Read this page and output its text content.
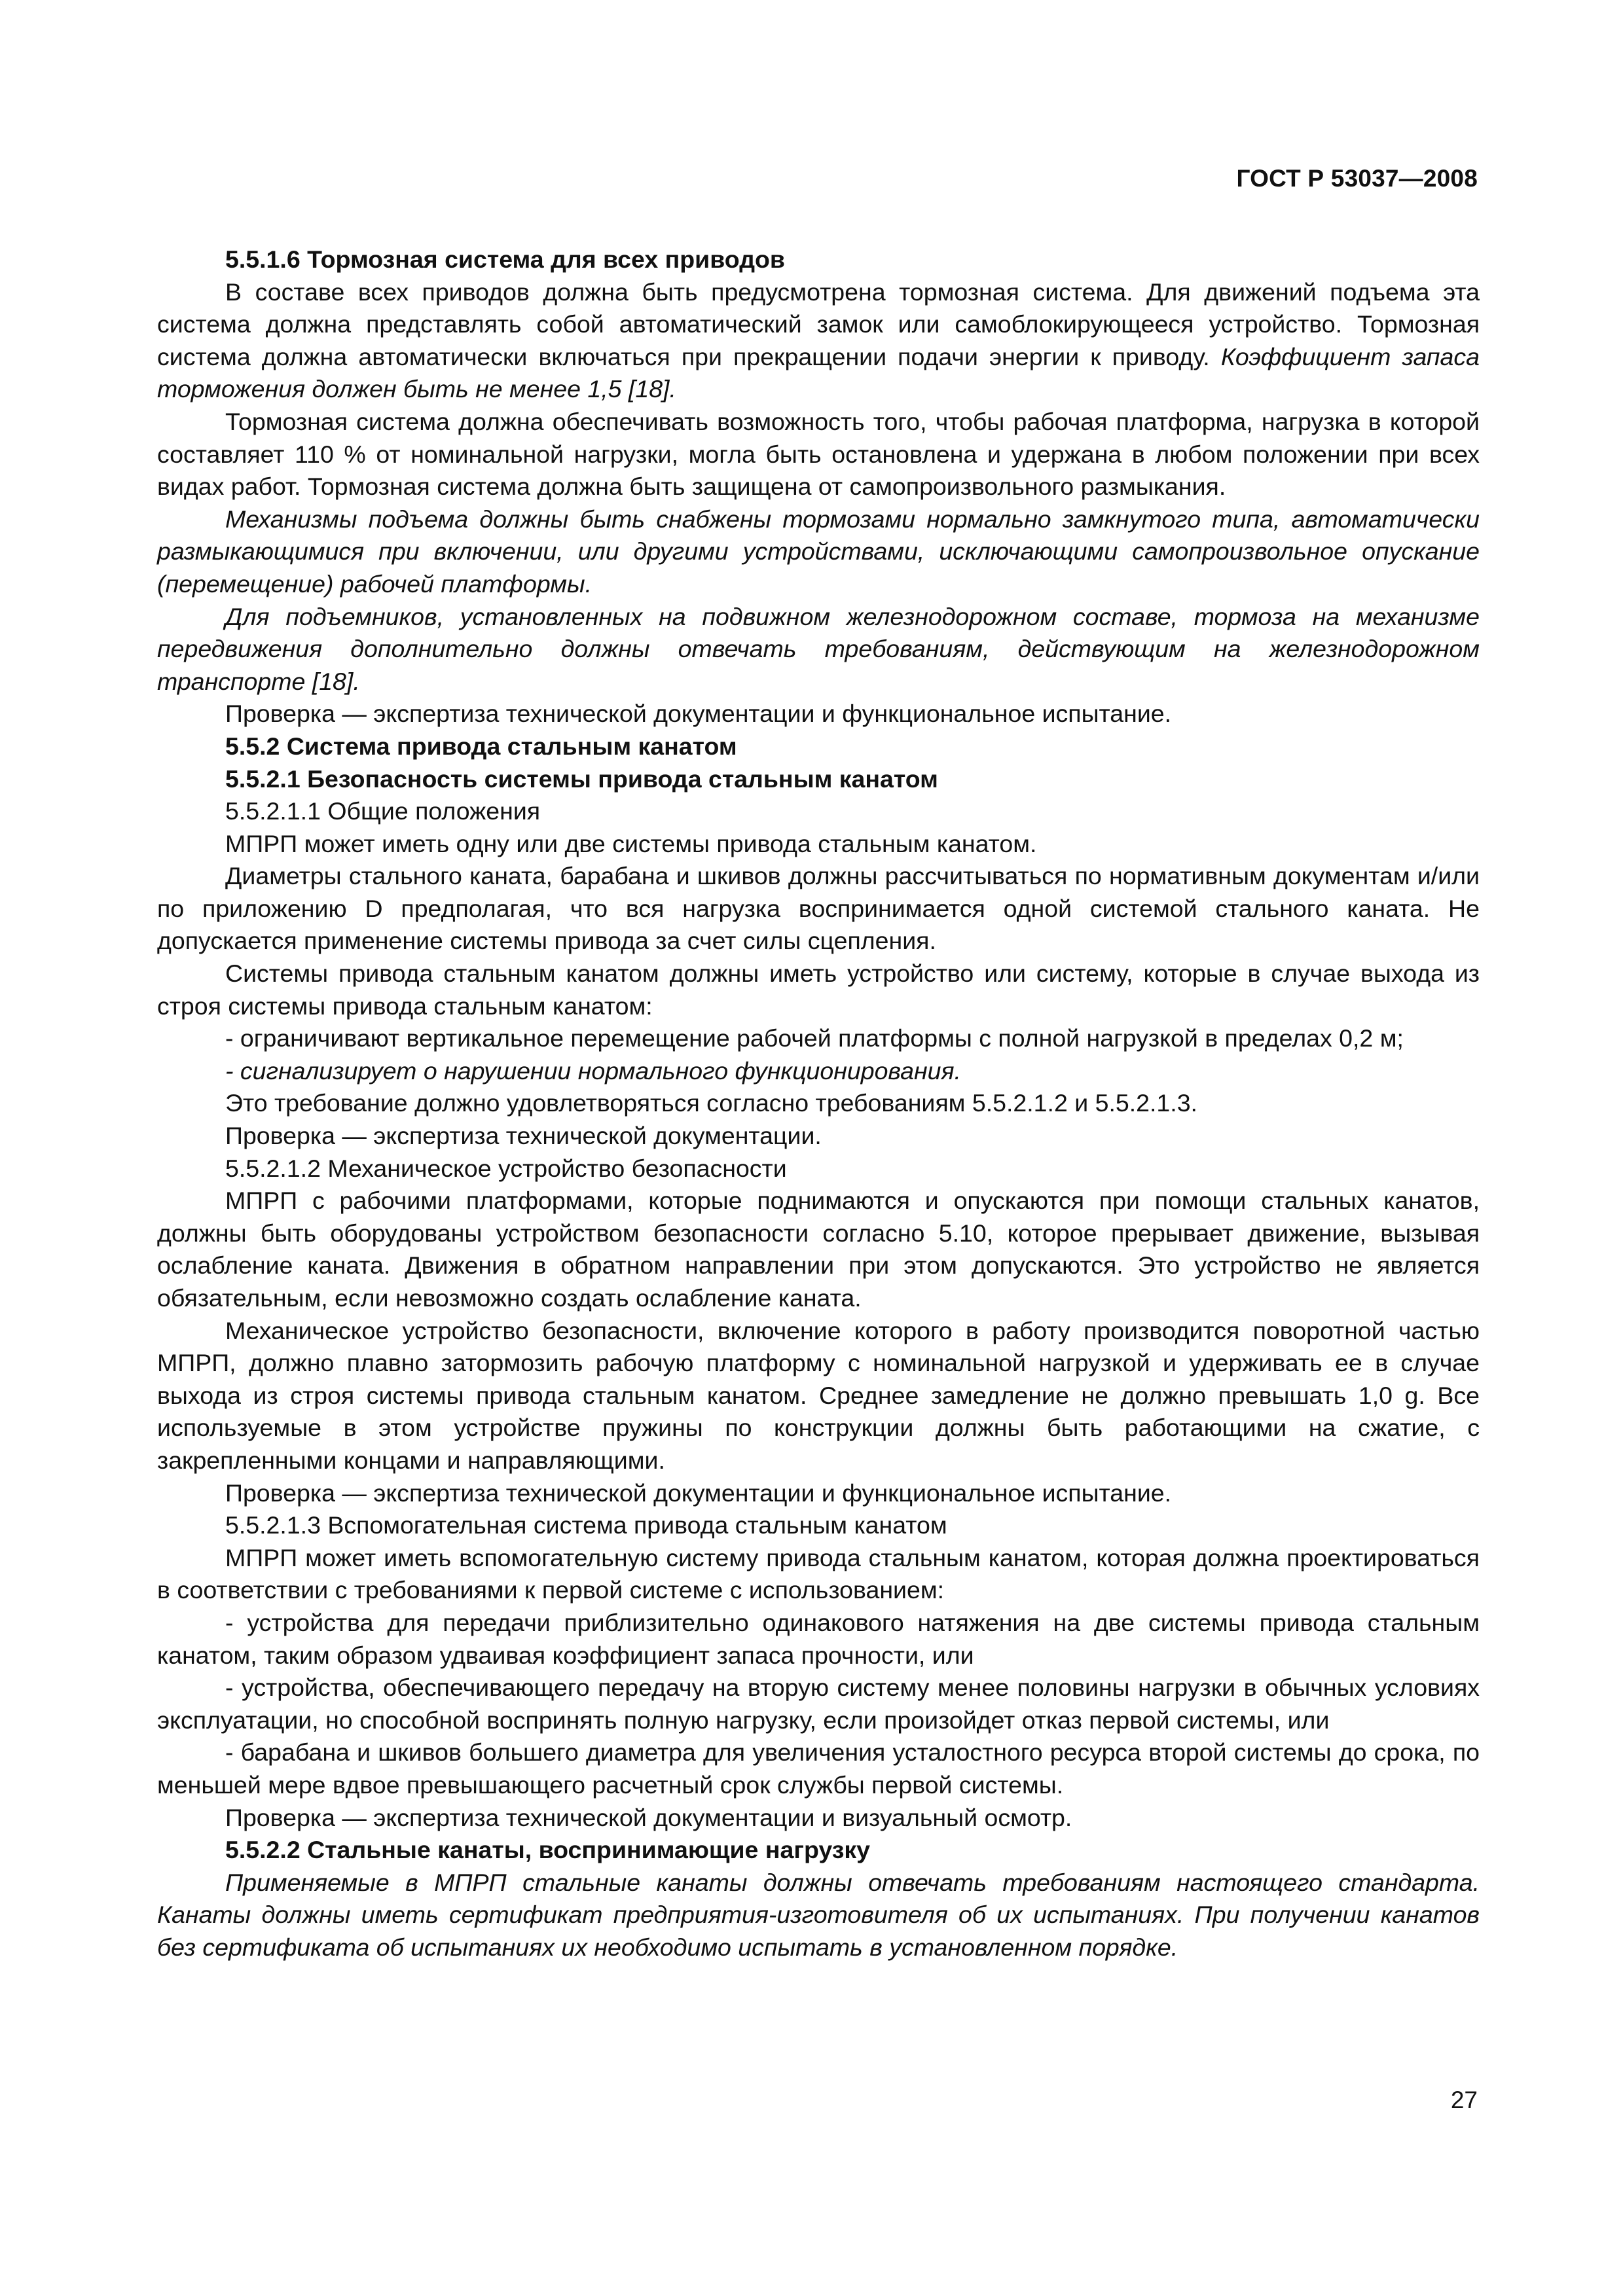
ГОСТ Р 53037—2008

5.5.1.6 Тормозная система для всех приводов

В составе всех приводов должна быть предусмотрена тормозная система. Для движений подъема эта система должна представлять собой автоматический замок или самоблокирующееся устройство. Тормозная система должна автоматически включаться при прекращении подачи энергии к приводу. Коэффициент запаса торможения должен быть не менее 1,5 [18].

Тормозная система должна обеспечивать возможность того, чтобы рабочая платформа, нагрузка в которой составляет 110 % от номинальной нагрузки, могла быть остановлена и удержана в любом положении при всех видах работ. Тормозная система должна быть защищена от самопроизвольного размыкания.

Механизмы подъема должны быть снабжены тормозами нормально замкнутого типа, автоматически размыкающимися при включении, или другими устройствами, исключающими самопроизвольное опускание (перемещение) рабочей платформы.

Для подъемников, установленных на подвижном железнодорожном составе, тормоза на механизме передвижения дополнительно должны отвечать требованиям, действующим на железнодорожном транспорте [18].

Проверка — экспертиза технической документации и функциональное испытание.

5.5.2 Система привода стальным канатом

5.5.2.1 Безопасность системы привода стальным канатом

5.5.2.1.1 Общие положения

МПРП может иметь одну или две системы привода стальным канатом.

Диаметры стального каната, барабана и шкивов должны рассчитываться по нормативным документам и/или по приложению D предполагая, что вся нагрузка воспринимается одной системой стального каната. Не допускается применение системы привода за счет силы сцепления.

Системы привода стальным канатом должны иметь устройство или систему, которые в случае выхода из строя системы привода стальным канатом:

- ограничивают вертикальное перемещение рабочей платформы с полной нагрузкой в пределах 0,2 м;

- сигнализирует о нарушении нормального функционирования.

Это требование должно удовлетворяться согласно требованиям 5.5.2.1.2 и 5.5.2.1.3.

Проверка — экспертиза технической документации.

5.5.2.1.2 Механическое устройство безопасности

МПРП с рабочими платформами, которые поднимаются и опускаются при помощи стальных канатов, должны быть оборудованы устройством безопасности согласно 5.10, которое прерывает движение, вызывая ослабление каната. Движения в обратном направлении при этом допускаются. Это устройство не является обязательным, если невозможно создать ослабление каната.

Механическое устройство безопасности, включение которого в работу производится поворотной частью МПРП, должно плавно затормозить рабочую платформу с номинальной нагрузкой и удерживать ее в случае выхода из строя системы привода стальным канатом. Среднее замедление не должно превышать 1,0 g. Все используемые в этом устройстве пружины по конструкции должны быть работающими на сжатие, с закрепленными концами и направляющими.

Проверка — экспертиза технической документации и функциональное испытание.

5.5.2.1.3 Вспомогательная система привода стальным канатом

МПРП может иметь вспомогательную систему привода стальным канатом, которая должна проектироваться в соответствии с требованиями к первой системе с использованием:

- устройства для передачи приблизительно одинакового натяжения на две системы привода стальным канатом, таким образом удваивая коэффициент запаса прочности, или

- устройства, обеспечивающего передачу на вторую систему менее половины нагрузки в обычных условиях эксплуатации, но способной воспринять полную нагрузку, если произойдет отказ первой системы, или

- барабана и шкивов большего диаметра для увеличения усталостного ресурса второй системы до срока, по меньшей мере вдвое превышающего расчетный срок службы первой системы.

Проверка — экспертиза технической документации и визуальный осмотр.

5.5.2.2 Стальные канаты, воспринимающие нагрузку

Применяемые в МПРП стальные канаты должны отвечать требованиям настоящего стандарта. Канаты должны иметь сертификат предприятия-изготовителя об их испытаниях. При получении канатов без сертификата об испытаниях их необходимо испытать в установленном порядке.

27
